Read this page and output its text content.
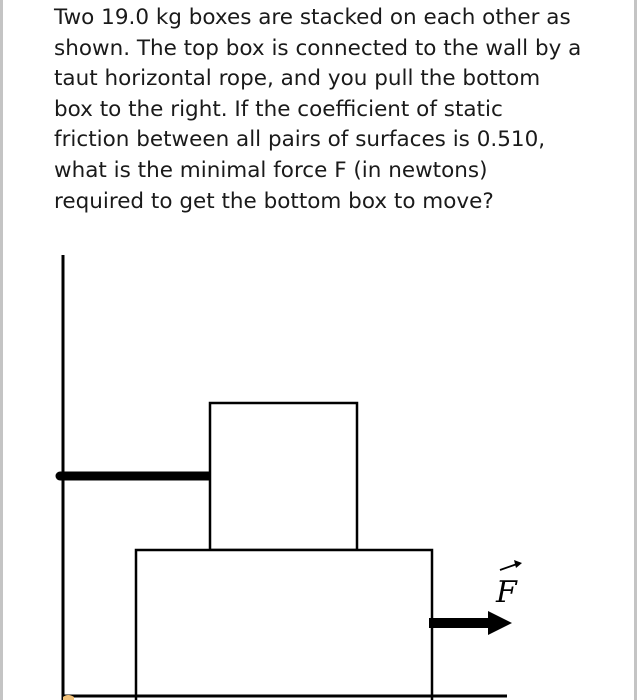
Two 19.0 kg boxes are stacked on each other as
shown. The top box is connected to the wall by a
taut horizontal rope, and you pull the bottom
box to the right. If the coefficient of static
friction between all pairs of surfaces is 0.510,
what is the minimal force F (in newtons)
required to get the bottom box to move?

F
